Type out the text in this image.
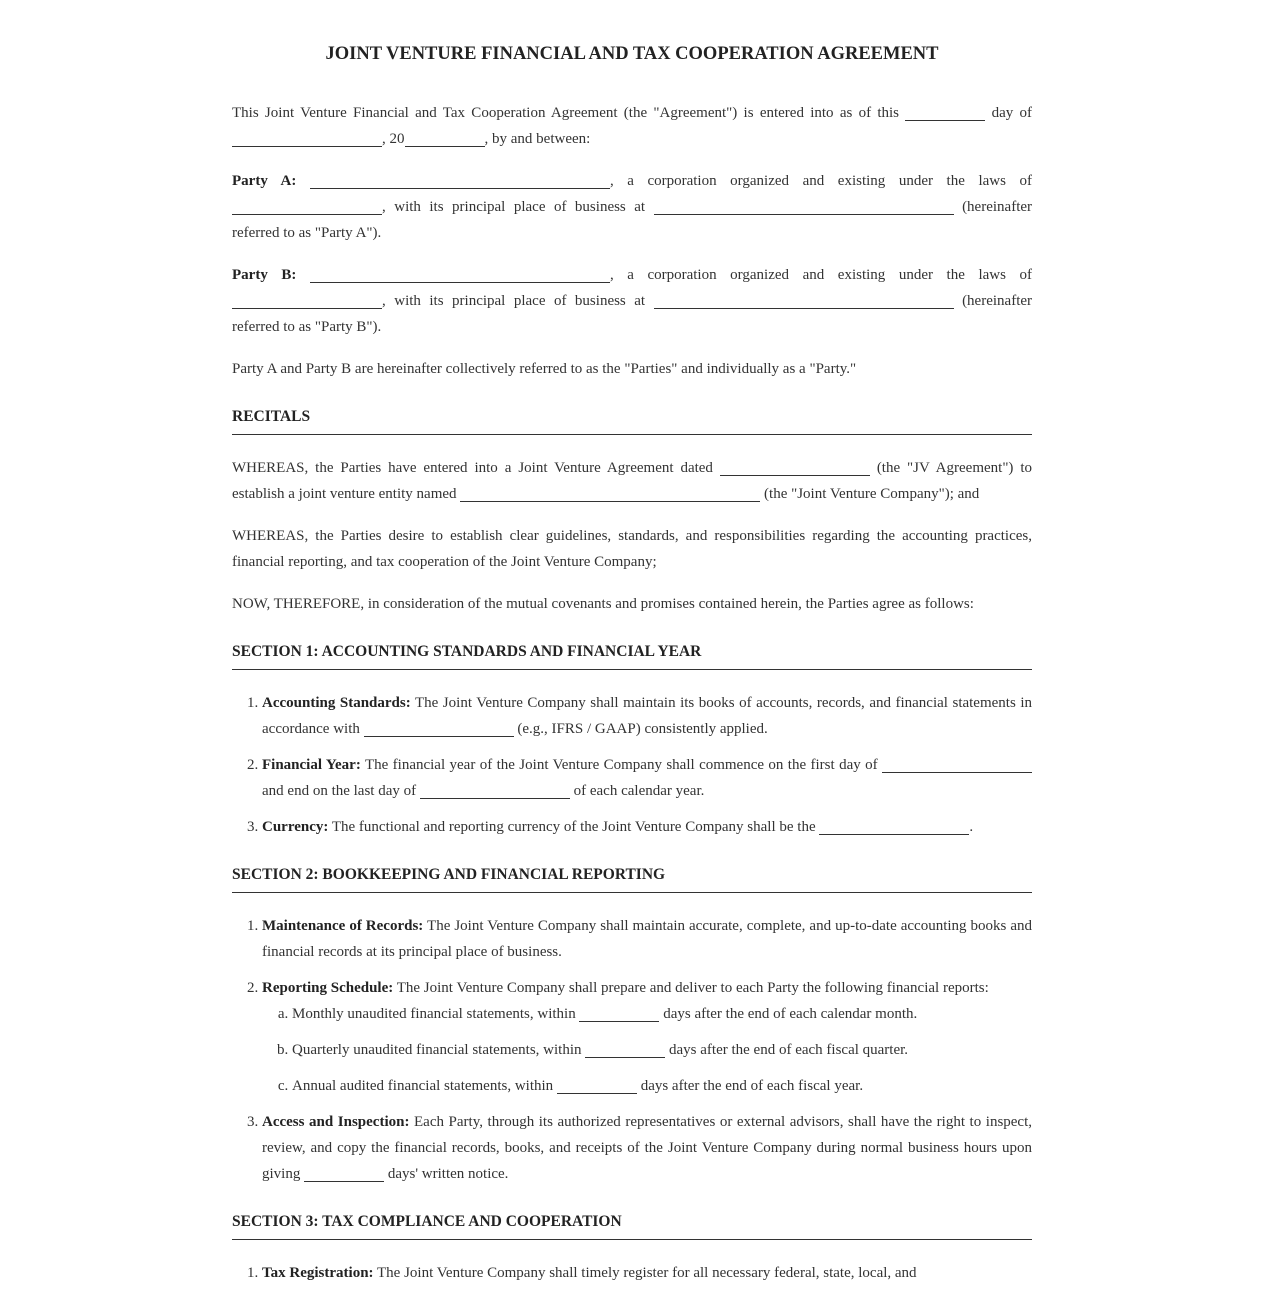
JOINT VENTURE FINANCIAL AND TAX COOPERATION AGREEMENT

This Joint Venture Financial and Tax Cooperation Agreement (the "Agreement") is entered into as of this	day of , 20	, by and between:

Party A:	, a corporation organized and existing under the laws of , with its principal place of business at	(hereinafter referred to as "Party A").

Party B:	, a corporation organized and existing under the laws of , with its principal place of business at	(hereinafter referred to as "Party B").

Party A and Party B are hereinafter collectively referred to as the "Parties" and individually as a "Party."

RECITALS

WHEREAS, the Parties have entered into a Joint Venture Agreement dated	(the "JV Agreement") to establish a joint venture entity named	(the "Joint Venture Company"); and

WHEREAS, the Parties desire to establish clear guidelines, standards, and responsibilities regarding the accounting practices, financial reporting, and tax cooperation of the Joint Venture Company;

NOW, THEREFORE, in consideration of the mutual covenants and promises contained herein, the Parties agree as follows:

SECTION 1: ACCOUNTING STANDARDS AND FINANCIAL YEAR
1. Accounting Standards: The Joint Venture Company shall maintain its books of accounts, records, and financial statements in accordance with	(e.g., IFRS / GAAP) consistently applied.
2. Financial Year: The financial year of the Joint Venture Company shall commence on the first day of  and end on the last day of	of each calendar year.
3. Currency: The functional and reporting currency of the Joint Venture Company shall be the	.
SECTION 2: BOOKKEEPING AND FINANCIAL REPORTING
1. Maintenance of Records: The Joint Venture Company shall maintain accurate, complete, and up-to-date accounting books and financial records at its principal place of business.
2. Reporting Schedule: The Joint Venture Company shall prepare and deliver to each Party the following financial reports:
a. Monthly unaudited financial statements, within	days after the end of each calendar month.
b. Quarterly unaudited financial statements, within	days after the end of each fiscal quarter.
c. Annual audited financial statements, within	days after the end of each fiscal year.
3. Access and Inspection: Each Party, through its authorized representatives or external advisors, shall have the right to inspect, review, and copy the financial records, books, and receipts of the Joint Venture Company during normal business hours upon giving	days' written notice.
SECTION 3: TAX COMPLIANCE AND COOPERATION
1. Tax Registration: The Joint Venture Company shall timely register for all necessary federal, state, local, and
